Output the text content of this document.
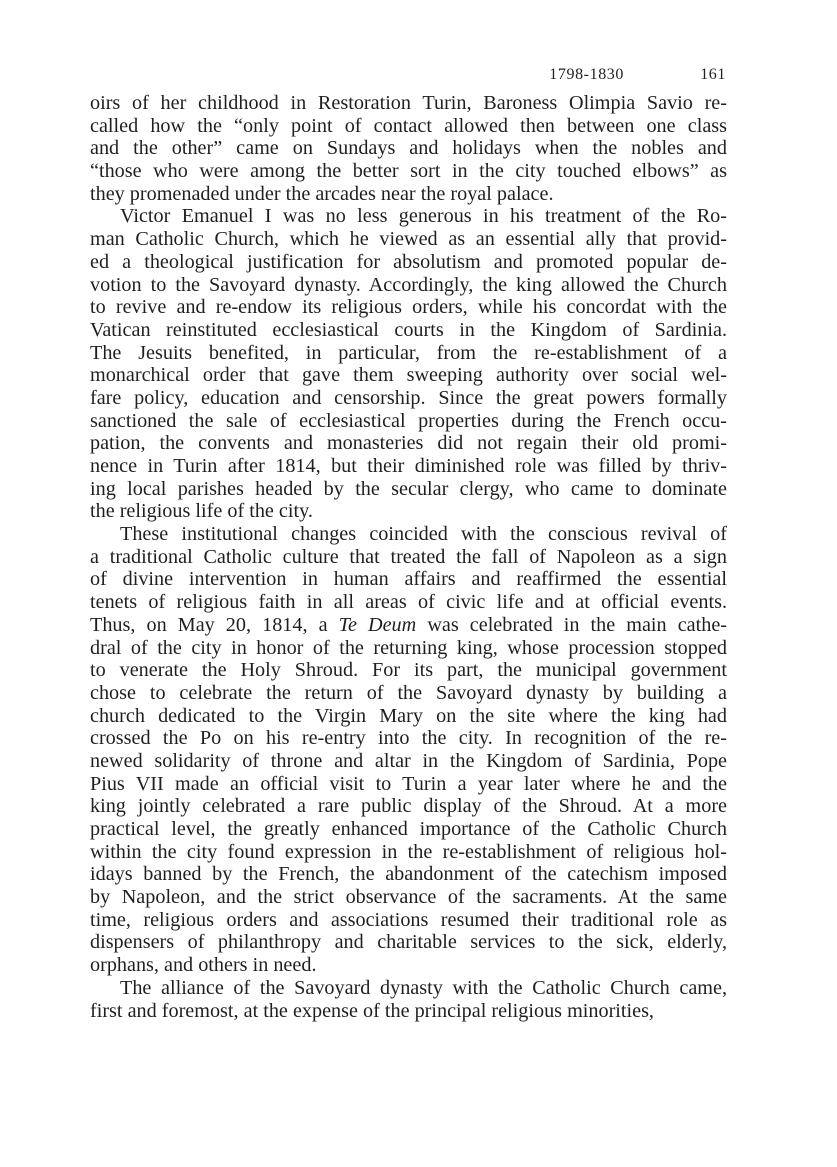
1798-1830	161
oirs of her childhood in Restoration Turin, Baroness Olimpia Savio re-
called how the “only point of contact allowed then between one class
and the other” came on Sundays and holidays when the nobles and
“those who were among the better sort in the city touched elbows” as
they promenaded under the arcades near the royal palace.
Victor Emanuel I was no less generous in his treatment of the Ro-
man Catholic Church, which he viewed as an essential ally that provid-
ed a theological justification for absolutism and promoted popular de-
votion to the Savoyard dynasty. Accordingly, the king allowed the Church
to revive and re-endow its religious orders, while his concordat with the
Vatican reinstituted ecclesiastical courts in the Kingdom of Sardinia.
The Jesuits benefited, in particular, from the re-establishment of a
monarchical order that gave them sweeping authority over social wel-
fare policy, education and censorship. Since the great powers formally
sanctioned the sale of ecclesiastical properties during the French occu-
pation, the convents and monasteries did not regain their old promi-
nence in Turin after 1814, but their diminished role was filled by thriv-
ing local parishes headed by the secular clergy, who came to dominate
the religious life of the city.
These institutional changes coincided with the conscious revival of
a traditional Catholic culture that treated the fall of Napoleon as a sign
of divine intervention in human affairs and reaffirmed the essential
tenets of religious faith in all areas of civic life and at official events.
Thus, on May 20, 1814, a Te Deum was celebrated in the main cathe-
dral of the city in honor of the returning king, whose procession stopped
to venerate the Holy Shroud. For its part, the municipal government
chose to celebrate the return of the Savoyard dynasty by building a
church dedicated to the Virgin Mary on the site where the king had
crossed the Po on his re-entry into the city. In recognition of the re-
newed solidarity of throne and altar in the Kingdom of Sardinia, Pope
Pius VII made an official visit to Turin a year later where he and the
king jointly celebrated a rare public display of the Shroud. At a more
practical level, the greatly enhanced importance of the Catholic Church
within the city found expression in the re-establishment of religious hol-
idays banned by the French, the abandonment of the catechism imposed
by Napoleon, and the strict observance of the sacraments. At the same
time, religious orders and associations resumed their traditional role as
dispensers of philanthropy and charitable services to the sick, elderly,
orphans, and others in need.
The alliance of the Savoyard dynasty with the Catholic Church came,
first and foremost, at the expense of the principal religious minorities,
